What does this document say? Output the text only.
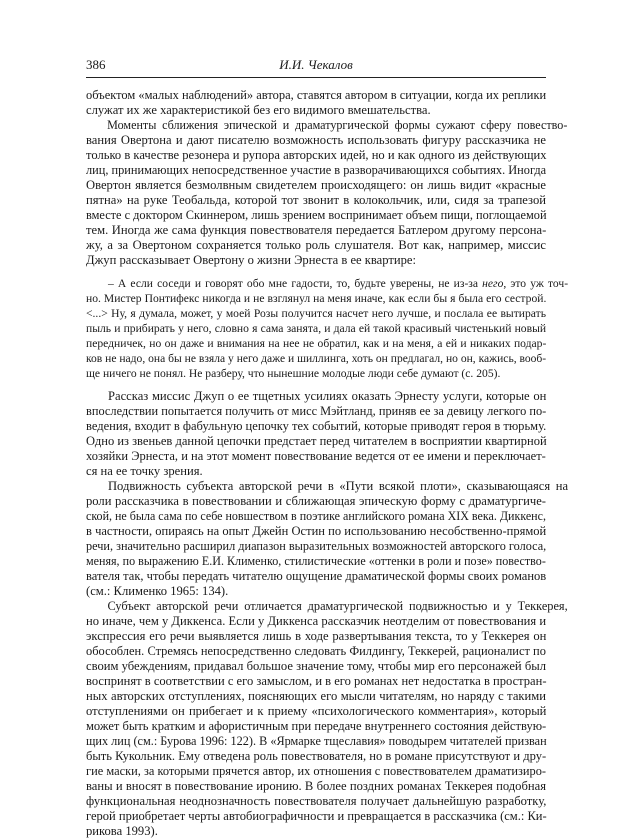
386	И.И. Чекалов
объектом «малых наблюдений» автора, ставятся автором в ситуации, когда их реплики
служат их же характеристикой без его видимого вмешательства.
Моменты сближения эпической и драматургической формы сужают сферу повество-
вания Овертона и дают писателю возможность использовать фигуру рассказчика не
только в качестве резонера и рупора авторских идей, но и как одного из действующих
лиц, принимающих непосредственное участие в разворачивающихся событиях. Иногда
Овертон является безмолвным свидетелем происходящего: он лишь видит «красные
пятна» на руке Теобальда, которой тот звонит в колокольчик, или, сидя за трапезой
вместе с доктором Скиннером, лишь зрением воспринимает объем пищи, поглощаемой
тем. Иногда же сама функция повествователя передается Батлером другому персона-
жу, а за Овертоном сохраняется только роль слушателя. Вот как, например, миссис
Джуп рассказывает Овертону о жизни Эрнеста в ее квартире:
– А если соседи и говорят обо мне гадости, то, будьте уверены, не из-за него, это уж точ-
но. Мистер Понтифекс никогда и не взглянул на меня иначе, как если бы я была его сестрой.
<...> Ну, я думала, может, у моей Розы получится насчет него лучше, и послала ее вытирать
пыль и прибирать у него, словно я сама занята, и дала ей такой красивый чистенький новый
передничек, но он даже и внимания на нее не обратил, как и на меня, а ей и никаких подар-
ков не надо, она бы не взяла у него даже и шиллинга, хоть он предлагал, но он, кажись, вооб-
ще ничего не понял. Не разберу, что нынешние молодые люди себе думают (с. 205).
Рассказ миссис Джуп о ее тщетных усилиях оказать Эрнесту услуги, которые он
впоследствии попытается получить от мисс Мэйтланд, приняв ее за девицу легкого по-
ведения, входит в фабульную цепочку тех событий, которые приводят героя в тюрьму.
Одно из звеньев данной цепочки предстает перед читателем в восприятии квартирной
хозяйки Эрнеста, и на этот момент повествование ведется от ее имени и переключает-
ся на ее точку зрения.
Подвижность субъекта авторской речи в «Пути всякой плоти», сказывающаяся на
роли рассказчика в повествовании и сближающая эпическую форму с драматургиче-
ской, не была сама по себе новшеством в поэтике английского романа XIX века. Диккенс,
в частности, опираясь на опыт Джейн Остин по использованию несобственно-прямой
речи, значительно расширил диапазон выразительных возможностей авторского голоса,
меняя, по выражению Е.И. Клименко, стилистические «оттенки в роли и позе» повество-
вателя так, чтобы передать читателю ощущение драматической формы своих романов
(см.: Клименко 1965: 134).
Субъект авторской речи отличается драматургической подвижностью и у Теккерея,
но иначе, чем у Диккенса. Если у Диккенса рассказчик неотделим от повествования и
экспрессия его речи выявляется лишь в ходе развертывания текста, то у Теккерея он
обособлен. Стремясь непосредственно следовать Филдингу, Теккерей, рационалист по
своим убеждениям, придавал большое значение тому, чтобы мир его персонажей был
воспринят в соответствии с его замыслом, и в его романах нет недостатка в простран-
ных авторских отступлениях, поясняющих его мысли читателям, но наряду с такими
отступлениями он прибегает и к приему «психологического комментария», который
может быть кратким и афористичным при передаче внутреннего состояния действую-
щих лиц (см.: Бурова 1996: 122). В «Ярмарке тщеславия» поводырем читателей призван
быть Кукольник. Ему отведена роль повествователя, но в романе присутствуют и дру-
гие маски, за которыми прячется автор, их отношения с повествователем драматизиро-
ваны и вносят в повествование иронию. В более поздних романах Теккерея подобная
функциональная неоднозначность повествователя получает дальнейшую разработку,
герой приобретает черты автобиографичности и превращается в рассказчика (см.: Ки-
рикова 1993).
